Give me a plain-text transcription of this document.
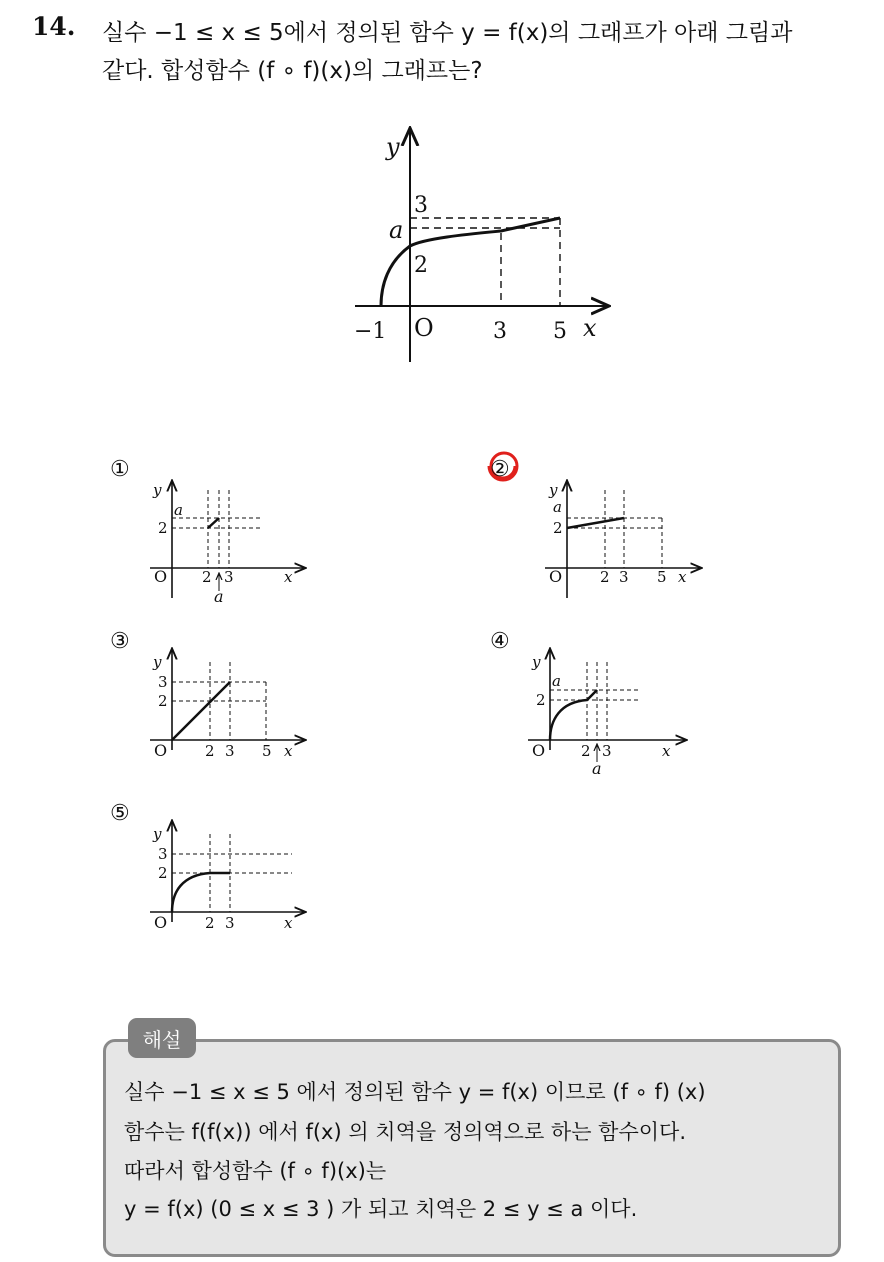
14. 실수 −1 ≤ x ≤ 5에서 정의된 함수 y = f(x)의 그래프가 아래 그림과
같다. 합성함수 (f ∘ f)(x)의 그래프는?
y
x
O
3
a
2
−1	3 5
①
y
a
2
O 2 3	x
a
②
y
a
2
O	2 3 5 x
③
y
3
2
O	2 3 5 x
④
y
a
2
O 2 3	x
a
⑤
y
3
2
O	2 3	x
해설
실수 −1 ≤ x ≤ 5 에서 정의된 함수 y = f(x) 이므로 (f ∘ f) (x)
함수는 f(f(x)) 에서 f(x) 의 치역을 정의역으로 하는 함수이다.
따라서 합성함수 (f ∘ f)(x)는
y = f(x) (0 ≤ x ≤ 3 ) 가 되고 치역은 2 ≤ y ≤ a 이다.
